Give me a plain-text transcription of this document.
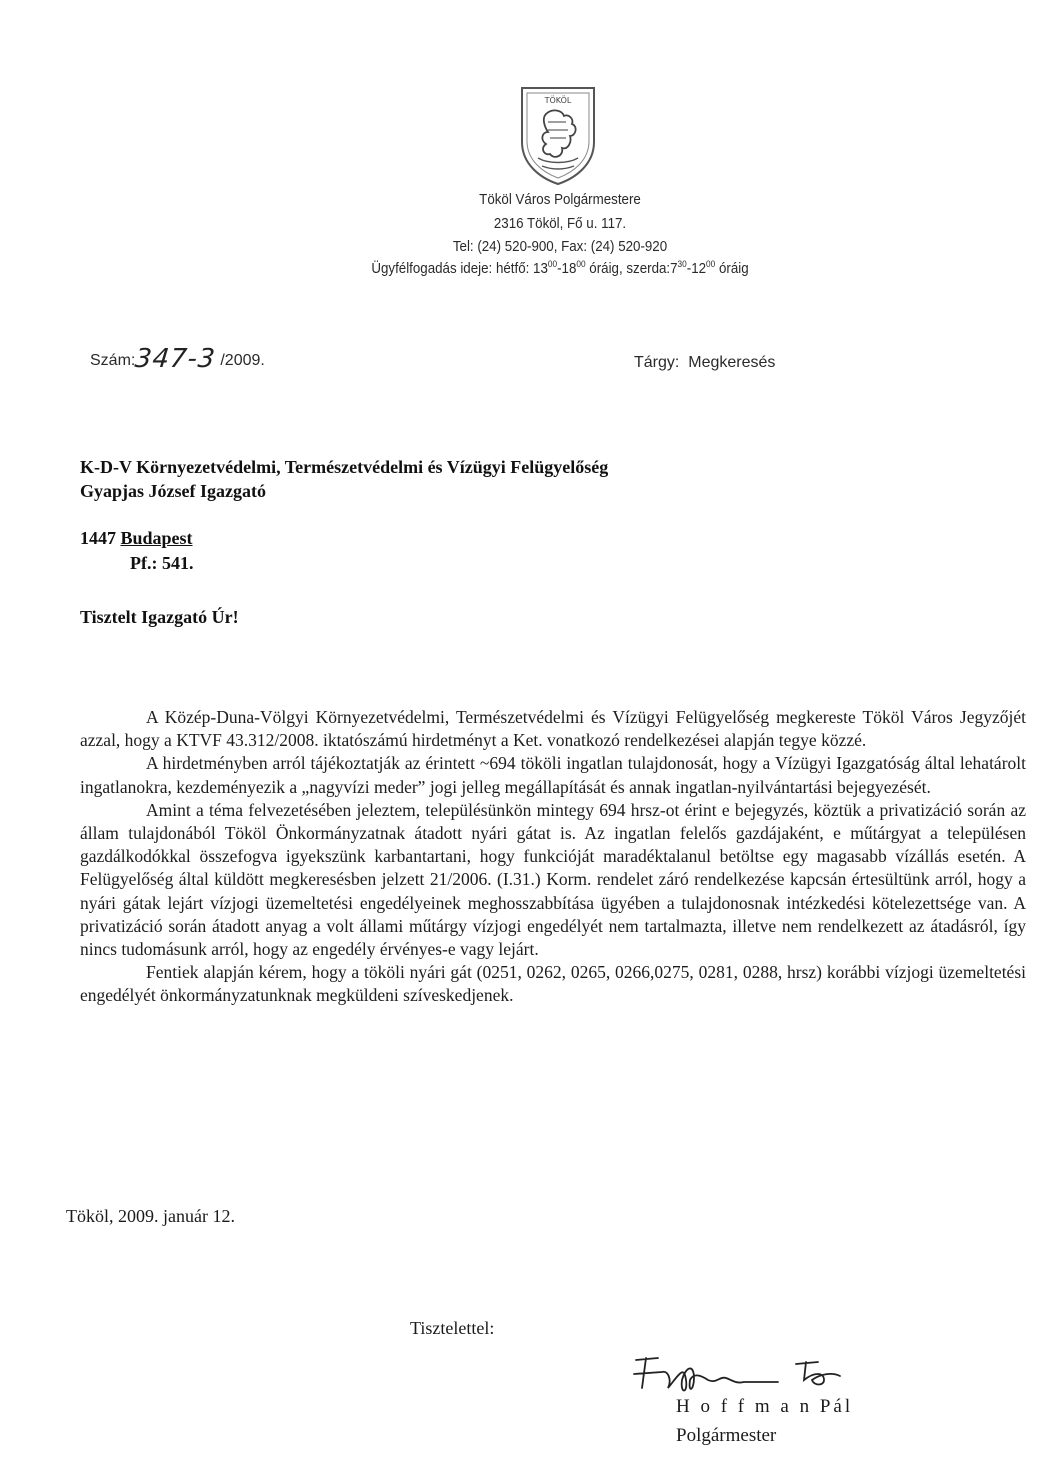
TÖKÖL
Tököl Város Polgármestere
2316 Tököl, Fő u. 117.
Tel: (24) 520-900, Fax: (24) 520-920
Ügyfélfogadás ideje: hétfő: $13^{00}-18^{00}$ óráig, $szerda:7^{30}-12^{00}$ óráig
Szám:347-3 /2009.	Tárgy: Megkeresés
K-D-V Környezetvédelmi, Természetvédelmi és Vízügyi Felügyelőség
Gyapjas József Igazgató
1447 Budapest
Pf.: 541.
Tisztelt Igazgató Úr!

A Közép-Duna-Völgyi Környezetvédelmi, Természetvédelmi és Vízügyi Felügyelőség megkereste Tököl Város Jegyzőjét azzal, hogy a KTVF 43.312/2008. iktatószámú hirdetményt a Ket. vonatkozó rendelkezései alapján tegye közzé.

A hirdetményben arról tájékoztatják az érintett ~694 tököli ingatlan tulajdonosát, hogy a Vízügyi Igazgatóság által lehatárolt ingatlanokra, kezdeményezik a „nagyvízi meder” jogi jelleg megállapítását és annak ingatlan-nyilvántartási bejegyezését.

Amint a téma felvezetésében jeleztem, településünkön mintegy 694 hrsz-ot érint e bejegyzés, köztük a privatizáció során az állam tulajdonából Tököl Önkormányzatnak átadott nyári gátat is. Az ingatlan felelős gazdájaként, e műtárgyat a településen gazdálkodókkal összefogva igyekszünk karbantartani, hogy funkcióját maradéktalanul betöltse egy magasabb vízállás esetén. A Felügyelőség által küldött megkeresésben jelzett 21/2006. (I.31.) Korm. rendelet záró rendelkezése kapcsán értesültünk arról, hogy a nyári gátak lejárt vízjogi üzemeltetési engedélyeinek meghosszabbítása ügyében a tulajdonosnak intézkedési kötelezettsége van. A privatizáció során átadott anyag a volt állami műtárgy vízjogi engedélyét nem tartalmazta, illetve nem rendelkezett az átadásról, így nincs tudomásunk arról, hogy az engedély érvényes-e vagy lejárt.

Fentiek alapján kérem, hogy a tököli nyári gát (0251, 0262, 0265, 0266,0275, 0281, 0288, hrsz) korábbi vízjogi üzemeltetési engedélyét önkormányzatunknak megküldeni szíveskedjenek.

Tököl, 2009. január 12.
Tisztelettel:
H o f f m a n Pál
Polgármester
